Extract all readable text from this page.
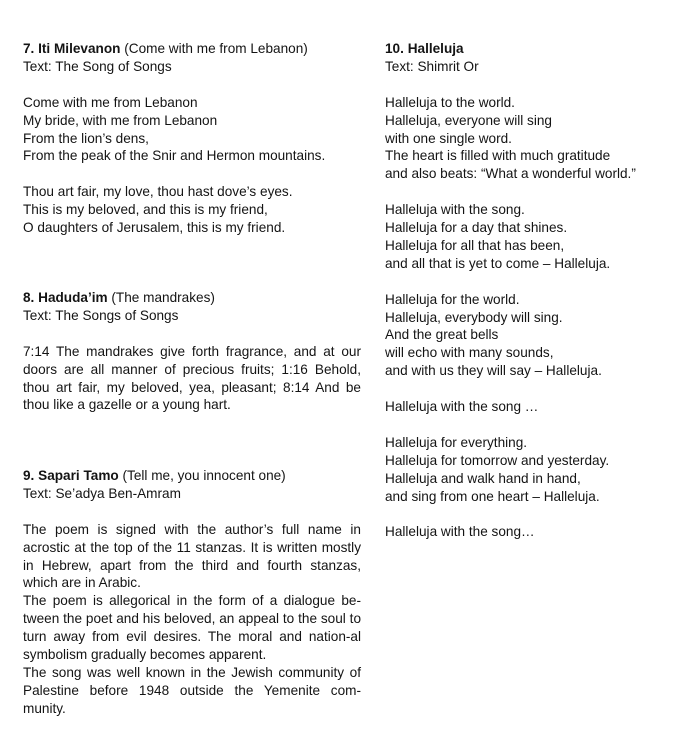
7. Iti Milevanon (Come with me from Lebanon)
Text: The Song of Songs
Come with me from Lebanon
My bride, with me from Lebanon
From the lion’s dens,
From the peak of the Snir and Hermon mountains.
Thou art fair, my love, thou hast dove’s eyes.
This is my beloved, and this is my friend,
O daughters of Jerusalem, this is my friend.
8. Haduda’im (The mandrakes)
Text: The Songs of Songs
7:14 The mandrakes give forth fragrance, and at our doors are all manner of precious fruits; 1:16 Behold, thou art fair, my beloved, yea, pleasant; 8:14 And be thou like a gazelle or a young hart.
9. Sapari Tamo (Tell me, you innocent one)
Text: Se’adya Ben-Amram
The poem is signed with the author’s full name in acrostic at the top of the 11 stanzas. It is written mostly in Hebrew, apart from the third and fourth stanzas, which are in Arabic.
The poem is allegorical in the form of a dialogue be-tween the poet and his beloved, an appeal to the soul to turn away from evil desires. The moral and nation-al symbolism gradually becomes apparent.
The song was well known in the Jewish community of Palestine before 1948 outside the Yemenite com-munity.
10. Halleluja
Text: Shimrit Or
Halleluja to the world.
Halleluja, everyone will sing
with one single word.
The heart is filled with much gratitude
and also beats: “What a wonderful world.”
Halleluja with the song.
Halleluja for a day that shines.
Halleluja for all that has been,
and all that is yet to come – Halleluja.
Halleluja for the world.
Halleluja, everybody will sing.
And the great bells
will echo with many sounds,
and with us they will say – Halleluja.
Halleluja with the song …
Halleluja for everything.
Halleluja for tomorrow and yesterday.
Halleluja and walk hand in hand,
and sing from one heart – Halleluja.
Halleluja with the song…
